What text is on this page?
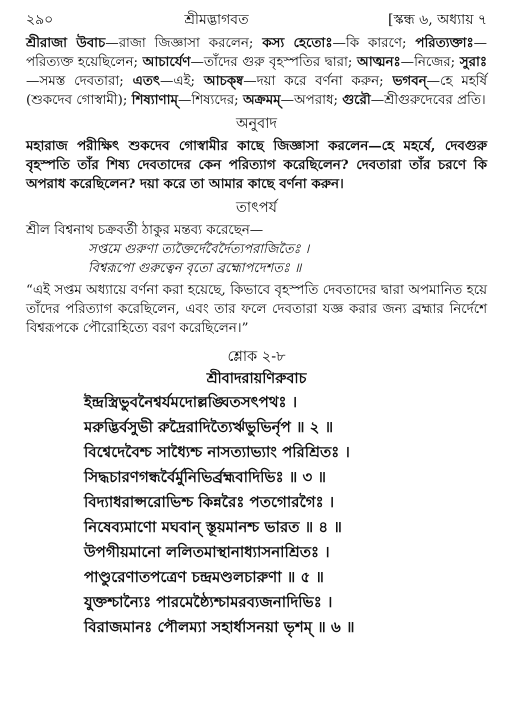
২৯০	শ্রীমদ্ভাগবত	[স্কন্ধ ৬, অধ্যায় ৭

শ্রীরাজা উবাচ—রাজা জিজ্ঞাসা করলেন; কস্য হেতোঃ—কি কারণে; পরিত্যক্তাঃ—পরিত্যক্ত হয়েছিলেন; আচার্যেণ—তাঁদের গুরু বৃহস্পতির দ্বারা; আত্মনঃ—নিজের; সুরাঃ—সমস্ত দেবতারা; এতৎ—এই; আচক্ষ্ব—দয়া করে বর্ণনা করুন; ভগবন্—হে মহর্ষি (শুকদেব গোস্বামী); শিষ্যাণাম্—শিষ্যদের; অক্রমম্—অপরাধ; গুরৌ—শ্রীগুরুদেবের প্রতি।

অনুবাদ

মহারাজ পরীক্ষিৎ শুকদেব গোস্বামীর কাছে জিজ্ঞাসা করলেন—হে মহর্ষে, দেবগুরু বৃহস্পতি তাঁর শিষ্য দেবতাদের কেন পরিত্যাগ করেছিলেন? দেবতারা তাঁর চরণে কি অপরাধ করেছিলেন? দয়া করে তা আমার কাছে বর্ণনা করুন।

তাৎপর্য

শ্রীল বিশ্বনাথ চক্রবর্তী ঠাকুর মন্তব্য করেছেন—

সপ্তমে গুরুণা ত্যক্তৈর্দেবৈর্দৈত্যপরাজিতৈঃ ।
বিশ্বরূপো গুরুত্বেন বৃতো ব্রহ্মোপদেশতঃ ॥

“এই সপ্তম অধ্যায়ে বর্ণনা করা হয়েছে, কিভাবে বৃহস্পতি দেবতাদের দ্বারা অপমানিত হয়ে তাঁদের পরিত্যাগ করেছিলেন, এবং তার ফলে দেবতারা যজ্ঞ করার জন্য ব্রহ্মার নির্দেশে বিশ্বরূপকে পৌরোহিত্যে বরণ করেছিলেন।”

শ্লোক ২-৮
শ্রীবাদরায়ণিরুবাচ
ইন্দ্রস্ত্রিভুবনৈশ্বর্যমদোল্লঙ্ঘিতসৎপথঃ ।
মরুদ্ভির্বসুভী রুদ্রৈরাদিত্যৈর্ঋভুভির্নৃপ ॥ ২ ॥
বিশ্বেদেবৈশ্চ সাধ্যৈশ্চ নাসত্যাভ্যাং পরিশ্রিতঃ ।
সিদ্ধচারণগন্ধর্বৈর্মুনিভির্ব্রহ্মবাদিভিঃ ॥ ৩ ॥
বিদ্যাধরাপ্সরোভিশ্চ কিন্নরৈঃ পতগোরগৈঃ ।
নিষেব্যমাণো মঘবান্ স্তূয়মানশ্চ ভারত ॥ ৪ ॥
উপগীয়মানো ললিতমাস্থানাধ্যাসনাশ্রিতঃ ।
পাণ্ডুরেণাতপত্রেণ চন্দ্রমণ্ডলচারুণা ॥ ৫ ॥
যুক্তশ্চান্যৈঃ পারমেষ্ঠ্যৈশ্চামরব্যজনাদিভিঃ ।
বিরাজমানঃ পৌলম্যা সহার্ধাসনয়া ভৃশম্ ॥ ৬ ॥
